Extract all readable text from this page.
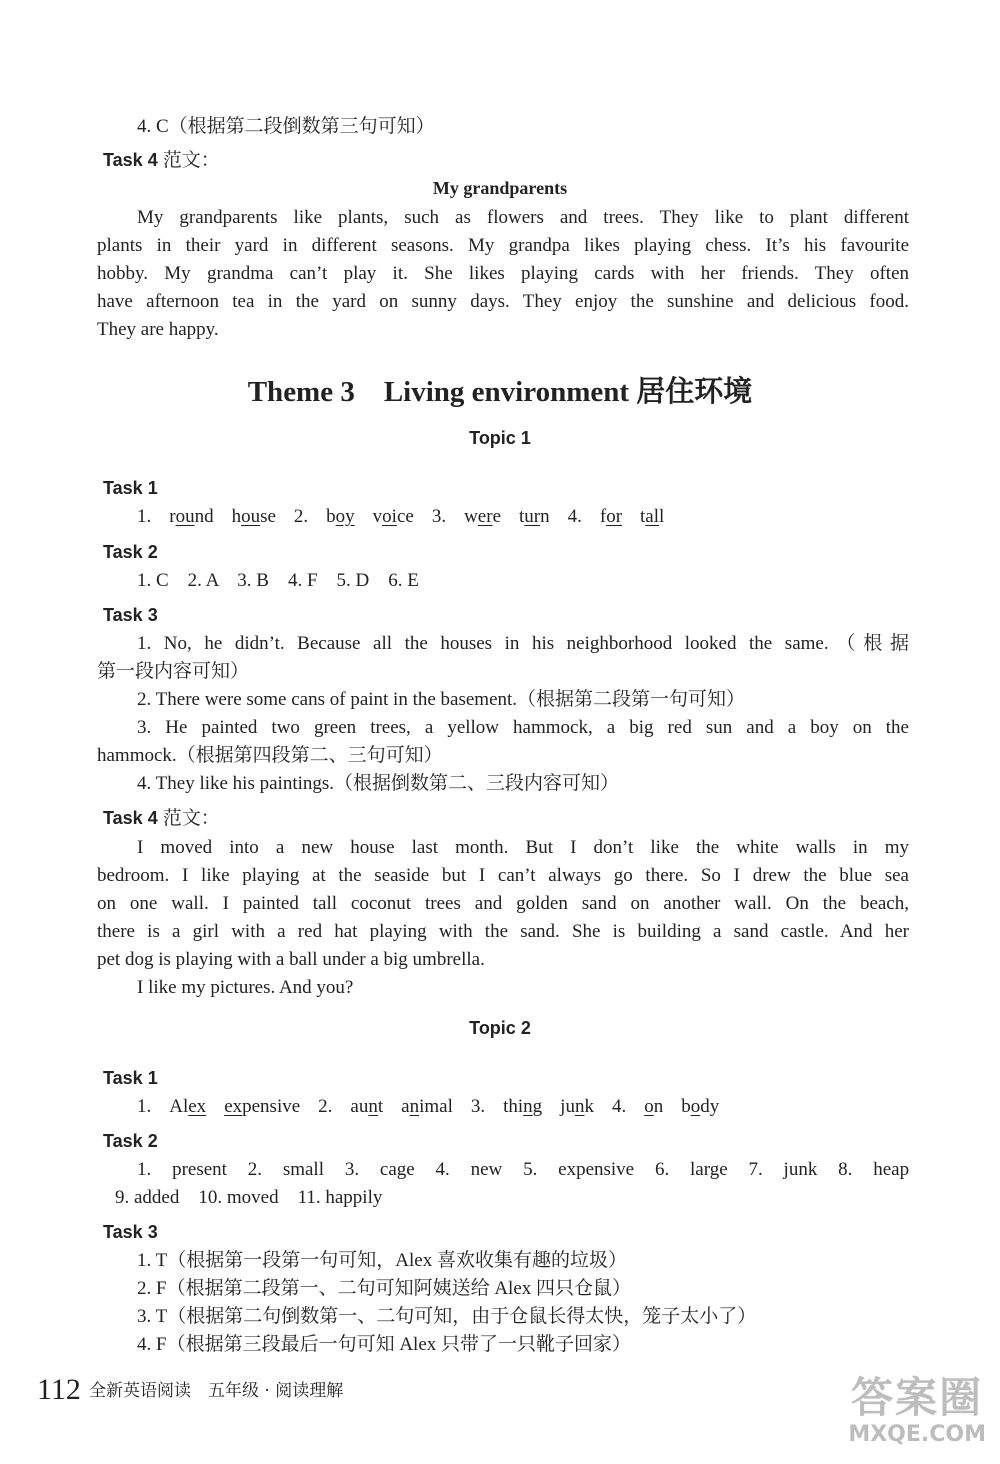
4. C（根据第二段倒数第三句可知）
Task 4 范文：
My grandparents
My grandparents like plants, such as flowers and trees. They like to plant different
plants in their yard in different seasons. My grandpa likes playing chess. It’s his favourite
hobby. My grandma can’t play it. She likes playing cards with her friends. They often
have afternoon tea in the yard on sunny days. They enjoy the sunshine and delicious food.
They are happy.
Theme 3　Living environment 居住环境
Topic 1
Task 1
1. round house 2. boy voice 3. were turn 4. for tall
Task 2
1. C　2. A　3. B　4. F　5. D　6. E
Task 3
1. No, he didn’t. Because all the houses in his neighborhood looked the same.（根据
第一段内容可知）
2. There were some cans of paint in the basement.（根据第二段第一句可知）
3. He painted two green trees, a yellow hammock, a big red sun and a boy on the
hammock.（根据第四段第二、三句可知）
4. They like his paintings.（根据倒数第二、三段内容可知）
Task 4 范文：
I moved into a new house last month. But I don’t like the white walls in my
bedroom. I like playing at the seaside but I can’t always go there. So I drew the blue sea
on one wall. I painted tall coconut trees and golden sand on another wall. On the beach,
there is a girl with a red hat playing with the sand. She is building a sand castle. And her
pet dog is playing with a ball under a big umbrella.
I like my pictures. And you?
Topic 2
Task 1
1. Alex expensive 2. aunt animal 3. thing junk 4. on body
Task 2
1. present 2. small 3. cage 4. new 5. expensive 6. large 7. junk 8. heap
9. added　10. moved　11. happily
Task 3
1. T（根据第一段第一句可知，Alex 喜欢收集有趣的垃圾）
2. F（根据第二段第一、二句可知阿姨送给 Alex 四只仓鼠）
3. T（根据第二句倒数第一、二句可知，由于仓鼠长得太快，笼子太小了）
4. F（根据第三段最后一句可知 Alex 只带了一只靴子回家）
112 全新英语阅读　五年级 · 阅读理解	答案圈
MXQE.COM
